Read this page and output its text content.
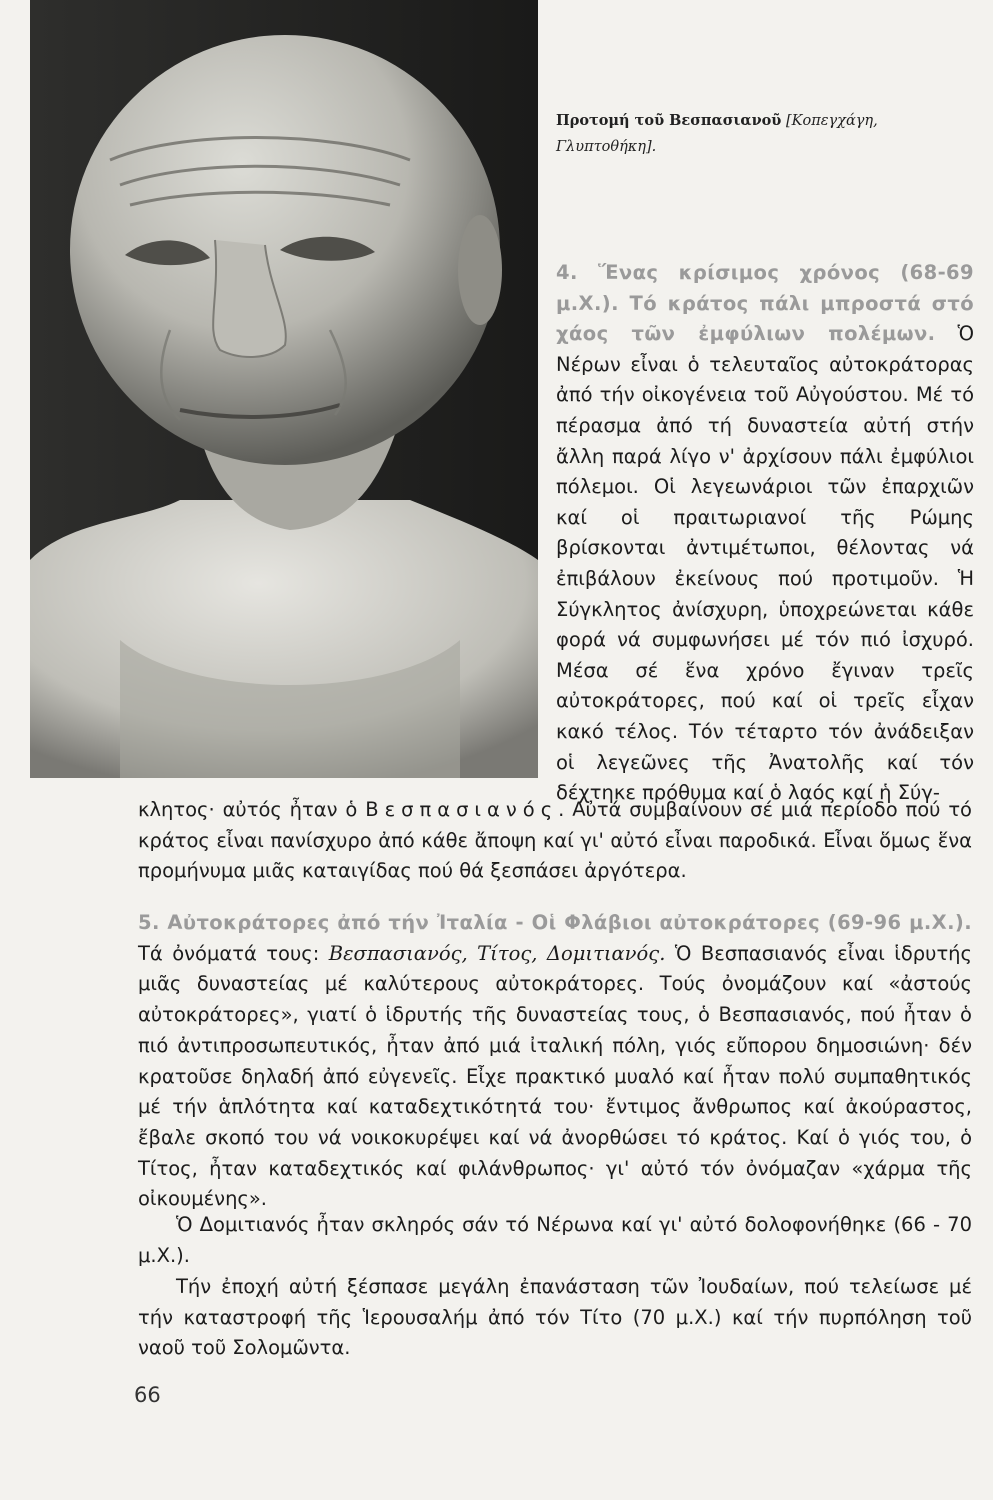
Προτομή τοῦ Βεσπασιανοῦ [Κοπεγχάγη, Γλυπτοθήκη].

4. Ἕνας κρίσιμος χρόνος (68-69 μ.Χ.). Τό κράτος πάλι μπροστά στό χάος τῶν ἐμφύλιων πολέμων. Ὁ Νέρων εἶναι ὁ τελευταῖος αὐτοκράτορας ἀπό τήν οἰκογένεια τοῦ Αὐγούστου. Μέ τό πέρασμα ἀπό τή δυναστεία αὐτή στήν ἄλλη παρά λίγο ν' ἀρχίσουν πάλι ἐμφύλιοι πόλεμοι. Οἱ λεγεωνάριοι τῶν ἐπαρχιῶν καί οἱ πραιτωριανοί τῆς Ρώμης βρίσκονται ἀντιμέτωποι, θέλοντας νά ἐπιβάλουν ἐκείνους πού προτιμοῦν. Ἡ Σύγκλητος ἀνίσχυρη, ὑποχρεώνεται κάθε φορά νά συμφωνήσει μέ τόν πιό ἰσχυρό. Μέσα σέ ἕνα χρόνο ἔγιναν τρεῖς αὐτοκράτορες, πού καί οἱ τρεῖς εἶχαν κακό τέλος. Τόν τέταρτο τόν ἀνάδειξαν οἱ λεγεῶνες τῆς Ἀνατολῆς καί τόν δέχτηκε πρόθυμα καί ὁ λαός καί ἡ Σύγ-

κλητος· αὐτός ἦταν ὁ Βεσπασιανός. Αὐτά συμβαίνουν σέ μιά περίοδο πού τό κράτος εἶναι πανίσχυρο ἀπό κάθε ἄποψη καί γι' αὐτό εἶναι παροδικά. Εἶναι ὅμως ἕνα προμήνυμα μιᾶς καταιγίδας πού θά ξεσπάσει ἀργότερα.

5. Αὐτοκράτορες ἀπό τήν Ἰταλία - Οἱ Φλάβιοι αὐτοκράτορες (69-96 μ.Χ.). Τά ὀνόματά τους: Βεσπασιανός, Τίτος, Δομιτιανός. Ὁ Βεσπασιανός εἶναι ἱδρυτής μιᾶς δυναστείας μέ καλύτερους αὐτοκράτορες. Τούς ὀνομάζουν καί «ἀστούς αὐτοκράτορες», γιατί ὁ ἱδρυτής τῆς δυναστείας τους, ὁ Βεσπασιανός, πού ἦταν ὁ πιό ἀντιπροσωπευτικός, ἦταν ἀπό μιά ἰταλική πόλη, γιός εὔπορου δημοσιώνη· δέν κρατοῦσε δηλαδή ἀπό εὐγενεῖς. Εἶχε πρακτικό μυαλό καί ἦταν πολύ συμπαθητικός μέ τήν ἁπλότητα καί καταδεχτικότητά του· ἔντιμος ἄνθρωπος καί ἀκούραστος, ἔβαλε σκοπό του νά νοικοκυρέψει καί νά ἀνορθώσει τό κράτος. Καί ὁ γιός του, ὁ Τίτος, ἦταν καταδεχτικός καί φιλάνθρωπος· γι' αὐτό τόν ὀνόμαζαν «χάρμα τῆς οἰκουμένης».

Ὁ Δομιτιανός ἦταν σκληρός σάν τό Νέρωνα καί γι' αὐτό δολοφονήθηκε (66 - 70 μ.Χ.).

Τήν ἐποχή αὐτή ξέσπασε μεγάλη ἐπανάσταση τῶν Ἰουδαίων, πού τελείωσε μέ τήν καταστροφή τῆς Ἱερουσαλήμ ἀπό τόν Τίτο (70 μ.Χ.) καί τήν πυρπόληση τοῦ ναοῦ τοῦ Σολομῶντα.

66
